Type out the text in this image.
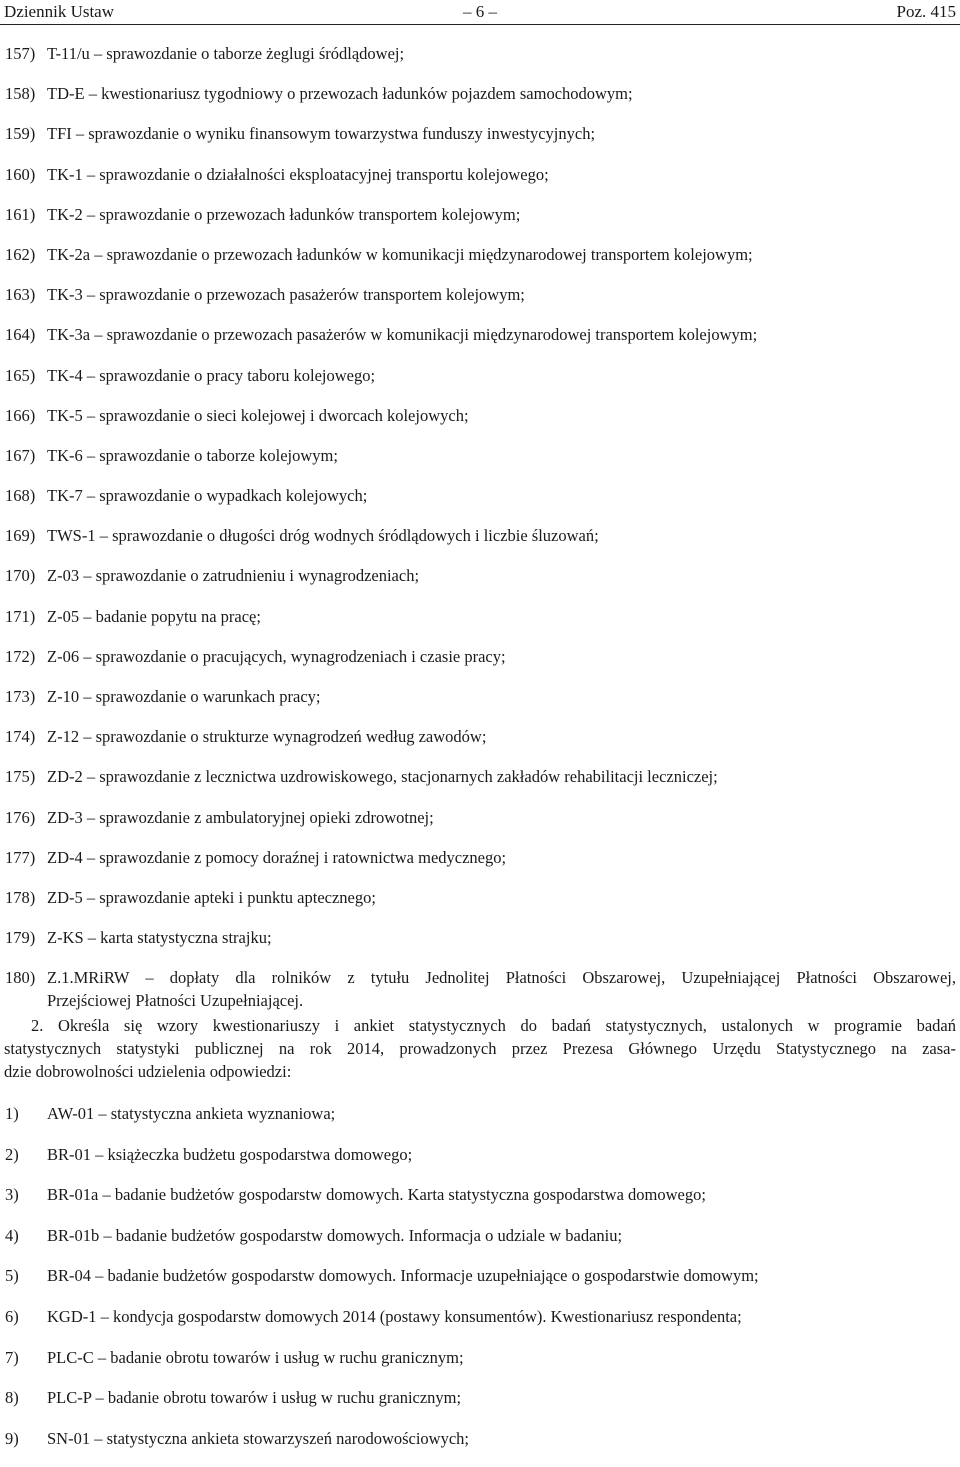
Dziennik Ustaw	– 6 –	Poz. 415
157) T-11/u – sprawozdanie o taborze żeglugi śródlądowej;
158) TD-E – kwestionariusz tygodniowy o przewozach ładunków pojazdem samochodowym;
159) TFI – sprawozdanie o wyniku finansowym towarzystwa funduszy inwestycyjnych;
160) TK-1 – sprawozdanie o działalności eksploatacyjnej transportu kolejowego;
161) TK-2 – sprawozdanie o przewozach ładunków transportem kolejowym;
162) TK-2a – sprawozdanie o przewozach ładunków w komunikacji międzynarodowej transportem kolejowym;
163) TK-3 – sprawozdanie o przewozach pasażerów transportem kolejowym;
164) TK-3a – sprawozdanie o przewozach pasażerów w komunikacji międzynarodowej transportem kolejowym;
165) TK-4 – sprawozdanie o pracy taboru kolejowego;
166) TK-5 – sprawozdanie o sieci kolejowej i dworcach kolejowych;
167) TK-6 – sprawozdanie o taborze kolejowym;
168) TK-7 – sprawozdanie o wypadkach kolejowych;
169) TWS-1 – sprawozdanie o długości dróg wodnych śródlądowych i liczbie śluzowań;
170) Z-03 – sprawozdanie o zatrudnieniu i wynagrodzeniach;
171) Z-05 – badanie popytu na pracę;
172) Z-06 – sprawozdanie o pracujących, wynagrodzeniach i czasie pracy;
173) Z-10 – sprawozdanie o warunkach pracy;
174) Z-12 – sprawozdanie o strukturze wynagrodzeń według zawodów;
175) ZD-2 – sprawozdanie z lecznictwa uzdrowiskowego, stacjonarnych zakładów rehabilitacji leczniczej;
176) ZD-3 – sprawozdanie z ambulatoryjnej opieki zdrowotnej;
177) ZD-4 – sprawozdanie z pomocy doraźnej i ratownictwa medycznego;
178) ZD-5 – sprawozdanie apteki i punktu aptecznego;
179) Z-KS – karta statystyczna strajku;
180) Z.1.MRiRW – dopłaty dla rolników z tytułu Jednolitej Płatności Obszarowej, Uzupełniającej Płatności Obszarowej,
Przejściowej Płatności Uzupełniającej.
2. Określa się wzory kwestionariuszy i ankiet statystycznych do badań statystycznych, ustalonych w programie badań
statystycznych statystyki publicznej na rok 2014, prowadzonych przez Prezesa Głównego Urzędu Statystycznego na zasa-
dzie dobrowolności udzielenia odpowiedzi:
1) AW-01 – statystyczna ankieta wyznaniowa;
2) BR-01 – książeczka budżetu gospodarstwa domowego;
3) BR-01a – badanie budżetów gospodarstw domowych. Karta statystyczna gospodarstwa domowego;
4) BR-01b – badanie budżetów gospodarstw domowych. Informacja o udziale w badaniu;
5) BR-04 – badanie budżetów gospodarstw domowych. Informacje uzupełniające o gospodarstwie domowym;
6) KGD-1 – kondycja gospodarstw domowych 2014 (postawy konsumentów). Kwestionariusz respondenta;
7) PLC-C – badanie obrotu towarów i usług w ruchu granicznym;
8) PLC-P – badanie obrotu towarów i usług w ruchu granicznym;
9) SN-01 – statystyczna ankieta stowarzyszeń narodowościowych;
